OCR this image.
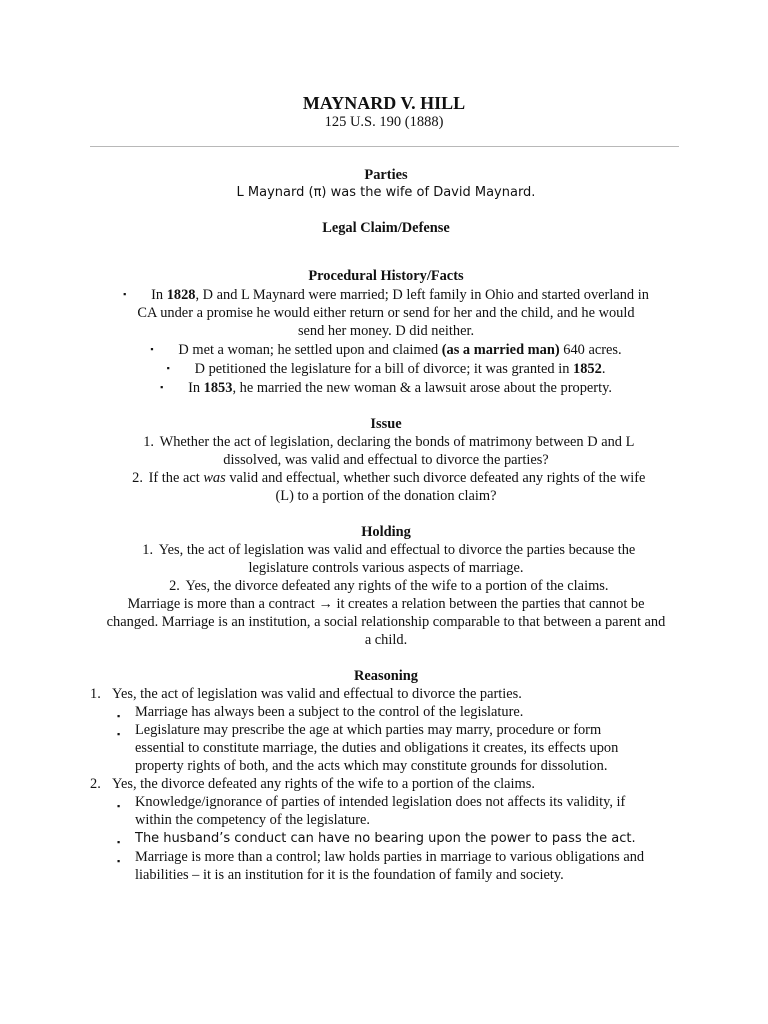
MAYNARD V. HILL
125 U.S. 190 (1888)
Parties
L Maynard (π) was the wife of David Maynard.
Legal Claim/Defense
Procedural History/Facts
▪ In 1828, D and L Maynard were married; D left family in Ohio and started overland in
CA under a promise he would either return or send for her and the child, and he would
send her money. D did neither.
▪ D met a woman; he settled upon and claimed (as a married man) 640 acres.
▪ D petitioned the legislature for a bill of divorce; it was granted in 1852.
▪ In 1853, he married the new woman & a lawsuit arose about the property.
Issue
1. Whether the act of legislation, declaring the bonds of matrimony between D and L
dissolved, was valid and effectual to divorce the parties?
2. If the act was valid and effectual, whether such divorce defeated any rights of the wife
(L) to a portion of the donation claim?
Holding
1. Yes, the act of legislation was valid and effectual to divorce the parties because the
legislature controls various aspects of marriage.
2. Yes, the divorce defeated any rights of the wife to a portion of the claims.
Marriage is more than a contract → it creates a relation between the parties that cannot be
changed. Marriage is an institution, a social relationship comparable to that between a parent and
a child.
Reasoning
1. Yes, the act of legislation was valid and effectual to divorce the parties.
▪ Marriage has always been a subject to the control of the legislature.
▪ Legislature may prescribe the age at which parties may marry, procedure or form
essential to constitute marriage, the duties and obligations it creates, its effects upon
property rights of both, and the acts which may constitute grounds for dissolution.
2. Yes, the divorce defeated any rights of the wife to a portion of the claims.
▪ Knowledge/ignorance of parties of intended legislation does not affects its validity, if
within the competency of the legislature.
▪ The husband’s conduct can have no bearing upon the power to pass the act.
▪ Marriage is more than a control; law holds parties in marriage to various obligations and
liabilities – it is an institution for it is the foundation of family and society.
